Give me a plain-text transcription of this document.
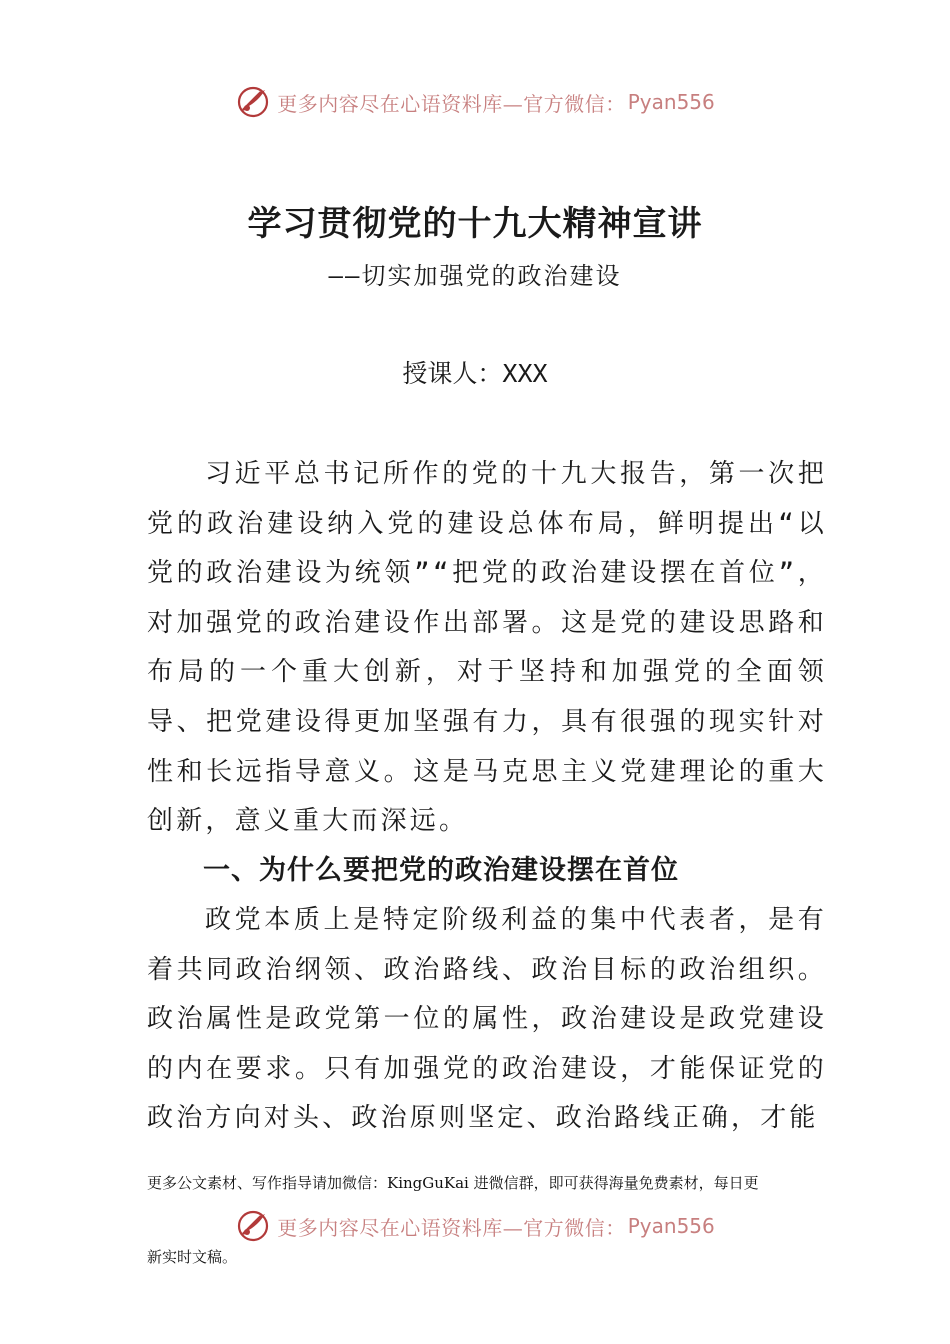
更多内容尽在心语资料库—官方微信： Pyan556
学习贯彻党的十九大精神宣讲
——切实加强党的政治建设
授课人：XXX

习近平总书记所作的党的十九大报告，第一次把党的政治建设纳入党的建设总体布局，鲜明提出“以党的政治建设为统领”“把党的政治建设摆在首位”，对加强党的政治建设作出部署。这是党的建设思路和布局的一个重大创新，对于坚持和加强党的全面领导、把党建设得更加坚强有力，具有很强的现实针对性和长远指导意义。这是马克思主义党建理论的重大创新，意义重大而深远。

一、为什么要把党的政治建设摆在首位

政党本质上是特定阶级利益的集中代表者，是有着共同政治纲领、政治路线、政治目标的政治组织。政治属性是政党第一位的属性，政治建设是政党建设的内在要求。只有加强党的政治建设，才能保证党的政治方向对头、政治原则坚定、政治路线正确，才能

更多公文素材、写作指导请加微信：KingGuKai 进微信群，即可获得海量免费素材，每日更
更多内容尽在心语资料库—官方微信： Pyan556
新实时文稿。
